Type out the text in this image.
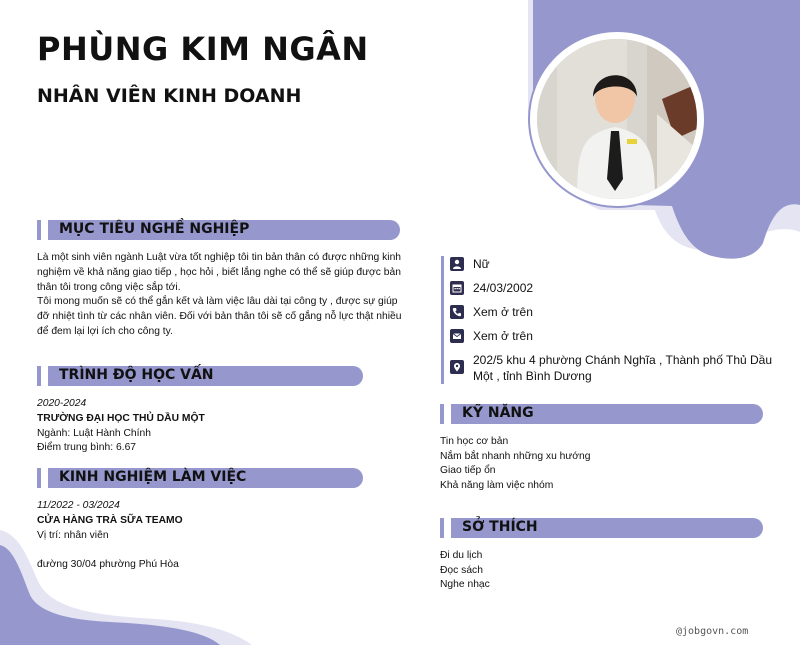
PHÙNG KIM NGÂN
NHÂN VIÊN KINH DOANH
MỤC TIÊU NGHỀ NGHIỆP

Là một sinh viên ngành Luật vừa tốt nghiệp tôi tin bản thân có được những kinh nghiệm về khả năng giao tiếp , học hỏi , biết lắng nghe có thể sẽ giúp được bản thân tôi trong công việc sắp tới.

Tôi mong muốn sẽ có thể gắn kết và làm việc lâu dài tại công ty , được sự giúp đỡ nhiệt tình từ các nhân viên. Đối với bản thân tôi sẽ cố gắng nỗ lực thật nhiều để đem lại lợi ích cho công ty.

TRÌNH ĐỘ HỌC VẤN

2020-2024

TRƯỜNG ĐẠI HỌC THỦ DẦU MỘT

Ngành: Luật Hành Chính

Điểm trung bình: 6.67

KINH NGHIỆM LÀM VIỆC

11/2022 - 03/2024

CỬA HÀNG TRÀ SỮA TEAMO

Vị trí: nhân viên

đường 30/04 phường Phú Hòa

Nữ
24/03/2002
Xem ở trên
Xem ở trên
202/5 khu 4 phường Chánh Nghĩa , Thành phố Thủ Dầu Một , tỉnh Bình Dương
KỸ NĂNG
Tin học cơ bản
Nắm bắt nhanh những xu hướng
Giao tiếp ổn
Khả năng làm việc nhóm
SỞ THÍCH
Đi du lịch
Đọc sách
Nghe nhạc
@jobgovn.com
